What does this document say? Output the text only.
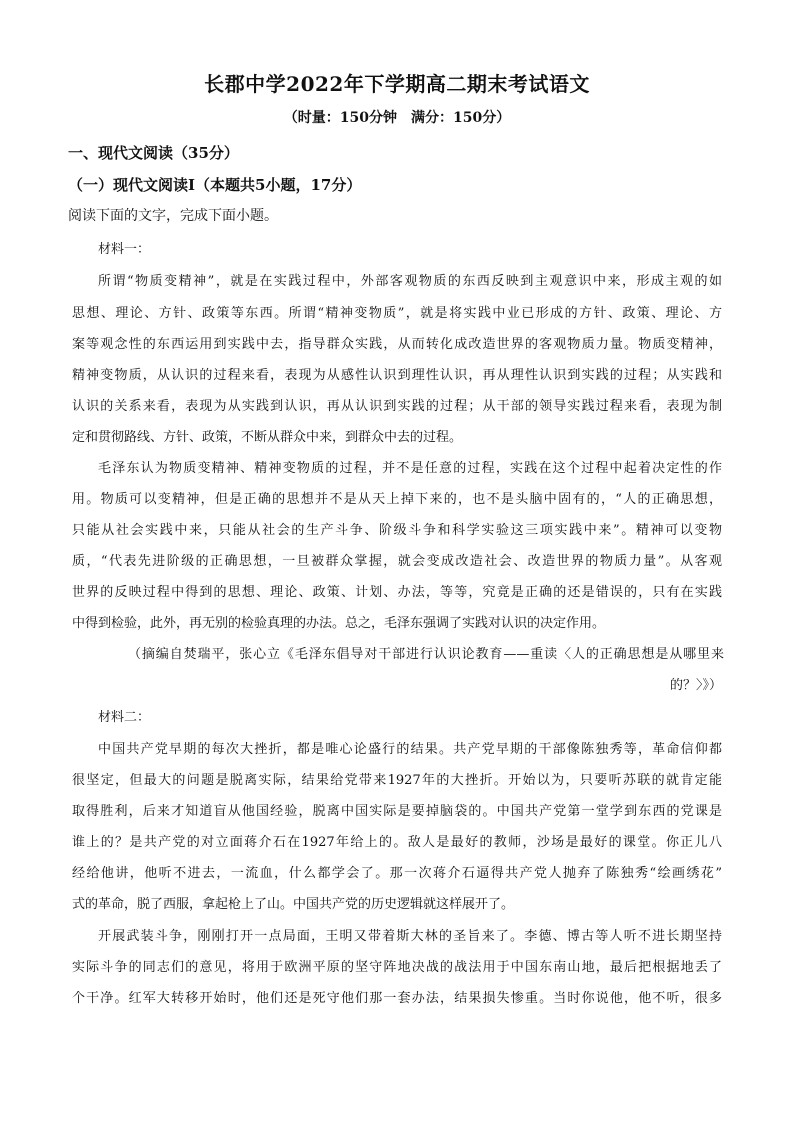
长郡中学2022年下学期高二期末考试语文
（时量：150分钟　满分：150分）
一、现代文阅读（35分）
（一）现代文阅读Ⅰ（本题共5小题，17分）
阅读下面的文字，完成下面小题。
材料一：
所谓“物质变精神”，就是在实践过程中，外部客观物质的东西反映到主观意识中来，形成主观的如
思想、理论、方针、政策等东西。所谓“精神变物质”，就是将实践中业已形成的方针、政策、理论、方
案等观念性的东西运用到实践中去，指导群众实践，从而转化成改造世界的客观物质力量。物质变精神，
精神变物质，从认识的过程来看，表现为从感性认识到理性认识，再从理性认识到实践的过程；从实践和
认识的关系来看，表现为从实践到认识，再从认识到实践的过程；从干部的领导实践过程来看，表现为制
定和贯彻路线、方针、政策，不断从群众中来，到群众中去的过程。
毛泽东认为物质变精神、精神变物质的过程，并不是任意的过程，实践在这个过程中起着决定性的作
用。物质可以变精神，但是正确的思想并不是从天上掉下来的，也不是头脑中固有的，“人的正确思想，
只能从社会实践中来，只能从社会的生产斗争、阶级斗争和科学实验这三项实践中来”。精神可以变物
质，“代表先进阶级的正确思想，一旦被群众掌握，就会变成改造社会、改造世界的物质力量”。从客观
世界的反映过程中得到的思想、理论、政策、计划、办法，等等，究竟是正确的还是错误的，只有在实践
中得到检验，此外，再无别的检验真理的办法。总之，毛泽东强调了实践对认识的决定作用。
（摘编自焚瑞平，张心立《毛泽东倡导对干部进行认识论教育——重读〈人的正确思想是从哪里来
的？〉》）
材料二：
中国共产党早期的每次大挫折，都是唯心论盛行的结果。共产党早期的干部像陈独秀等，革命信仰都
很坚定，但最大的问题是脱离实际，结果给党带来1927年的大挫折。开始以为，只要听苏联的就肯定能
取得胜利，后来才知道盲从他国经验，脱离中国实际是要掉脑袋的。中国共产党第一堂学到东西的党课是
谁上的？是共产党的对立面蒋介石在1927年给上的。敌人是最好的教师，沙场是最好的课堂。你正儿八
经给他讲，他听不进去，一流血，什么都学会了。那一次蒋介石逼得共产党人抛弃了陈独秀“绘画绣花”
式的革命，脱了西服，拿起枪上了山。中国共产党的历史逻辑就这样展开了。
开展武装斗争，刚刚打开一点局面，王明又带着斯大林的圣旨来了。李德、博古等人听不进长期坚持
实际斗争的同志们的意见，将用于欧洲平原的坚守阵地决战的战法用于中国东南山地，最后把根据地丢了
个干净。红军大转移开始时，他们还是死守他们那一套办法，结果损失惨重。当时你说他，他不听，很多
